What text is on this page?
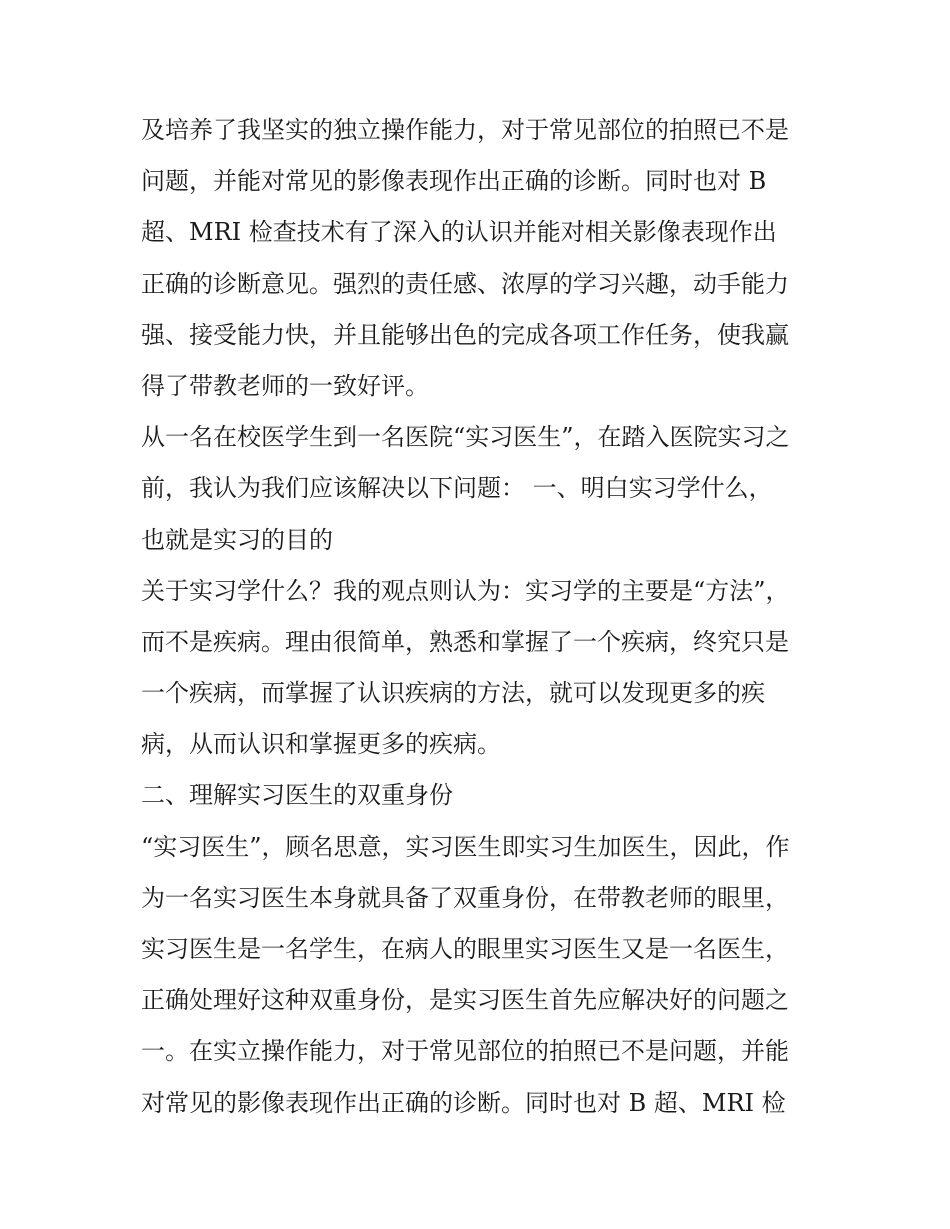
及培养了我坚实的独立操作能力，对于常见部位的拍照已不是
问题，并能对常见的影像表现作出正确的诊断。同时也对 B
超、MRI 检查技术有了深入的认识并能对相关影像表现作出
正确的诊断意见。强烈的责任感、浓厚的学习兴趣，动手能力
强、接受能力快，并且能够出色的完成各项工作任务，使我赢
得了带教老师的一致好评。
从一名在校医学生到一名医院“实习医生”，在踏入医院实习之
前，我认为我们应该解决以下问题： 一、明白实习学什么，
也就是实习的目的
关于实习学什么？我的观点则认为：实习学的主要是“方法”，
而不是疾病。理由很简单，熟悉和掌握了一个疾病，终究只是
一个疾病，而掌握了认识疾病的方法，就可以发现更多的疾
病，从而认识和掌握更多的疾病。
二、理解实习医生的双重身份
“实习医生”，顾名思意，实习医生即实习生加医生，因此，作
为一名实习医生本身就具备了双重身份，在带教老师的眼里，
实习医生是一名学生，在病人的眼里实习医生又是一名医生，
正确处理好这种双重身份，是实习医生首先应解决好的问题之
一。在实立操作能力，对于常见部位的拍照已不是问题，并能
对常见的影像表现作出正确的诊断。同时也对 B 超、MRI 检
